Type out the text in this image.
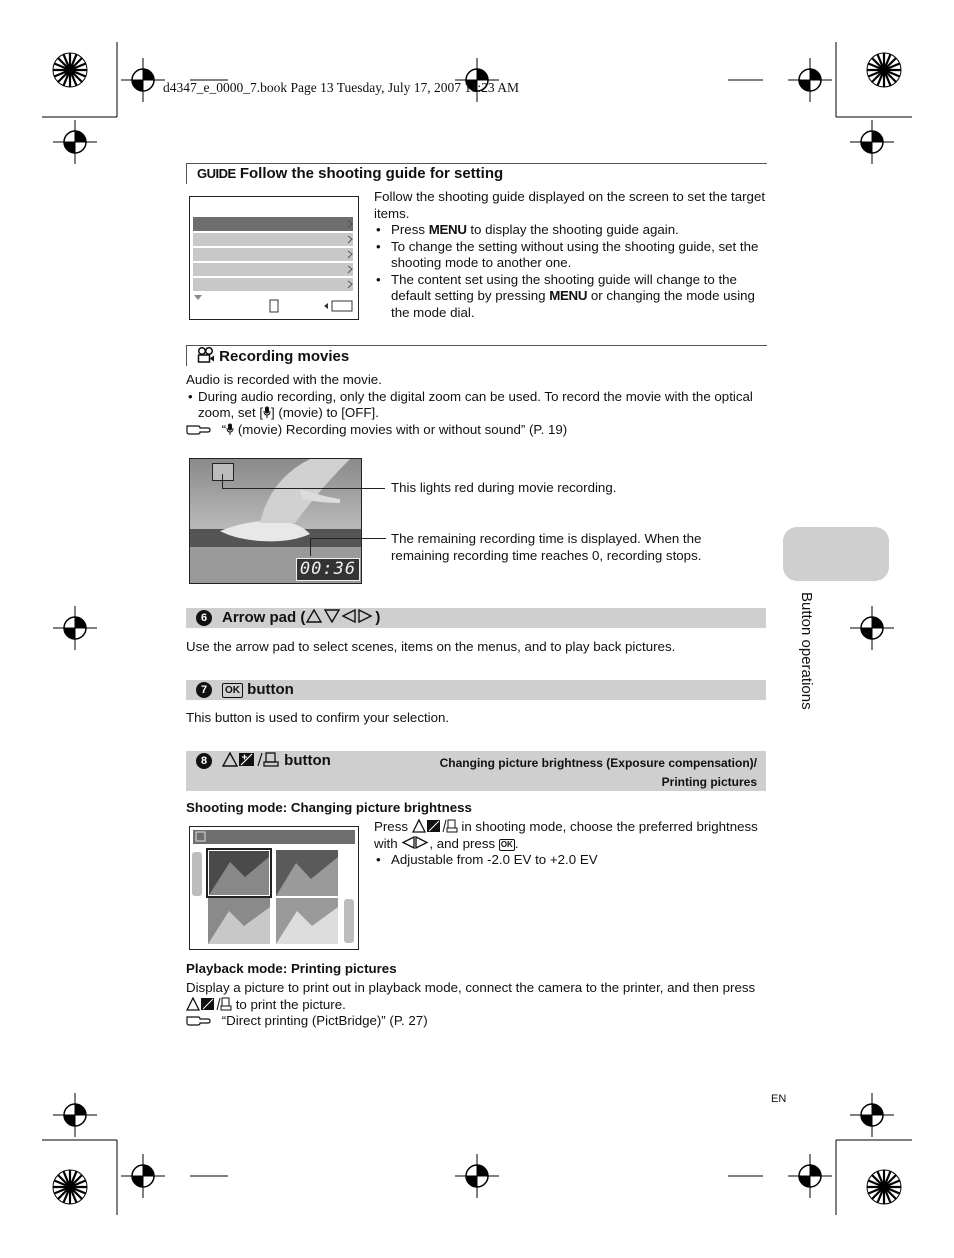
d4347_e_0000_7.book Page 13 Tuesday, July 17, 2007 11:23 AM
GUIDE Follow the shooting guide for setting
Follow the shooting guide displayed on the screen to set the target items.
• Press MENU to display the shooting guide again.
• To change the setting without using the shooting guide, set the shooting mode to another one.
• The content set using the shooting guide will change to the default setting by pressing MENU or changing the mode using the mode dial.
Recording movies
Audio is recorded with the movie.
• During audio recording, only the digital zoom can be used. To record the movie with the optical zoom, set [ ] (movie) to [OFF].
“ (movie) Recording movies with or without sound” (P. 19)
00:36
This lights red during movie recording.
The remaining recording time is displayed. When the remaining recording time reaches 0, recording stops.
Button operations
6 Arrow pad (	)
Use the arrow pad to select scenes, items on the menus, and to play back pictures.
7	OK button
This button is used to confirm your selection.
8	button	Changing picture brightness (Exposure compensation)/
Printing pictures
Shooting mode: Changing picture brightness
Press	in shooting mode, choose the preferred brightness with , and press OK .
• Adjustable from -2.0 EV to +2.0 EV
Playback mode: Printing pictures
Display a picture to print out in playback mode, connect the camera to the printer, and then press  to print the picture.
“Direct printing (PictBridge)” (P. 27)
EN
